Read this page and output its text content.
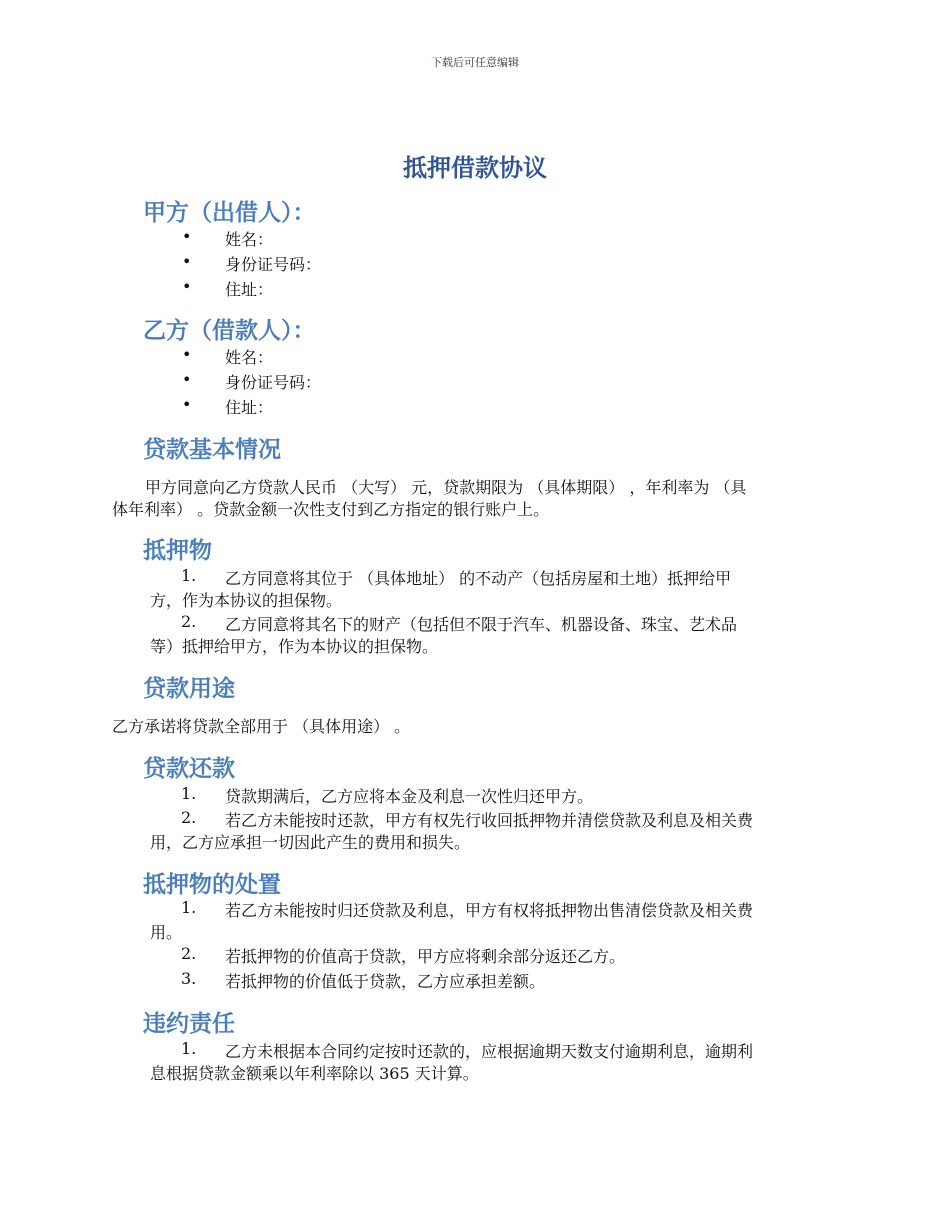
下载后可任意编辑
抵押借款协议
甲方（出借人）：
• 姓名：
• 身份证号码：
• 住址：
乙方（借款人）：
• 姓名：
• 身份证号码：
• 住址：
贷款基本情况
甲方同意向乙方贷款人民币 （大写） 元，贷款期限为 （具体期限） ，年利率为 （具
体年利率） 。贷款金额一次性支付到乙方指定的银行账户上。
抵押物
1. 乙方同意将其位于 （具体地址） 的不动产（包括房屋和土地）抵押给甲
方，作为本协议的担保物。
2. 乙方同意将其名下的财产（包括但不限于汽车、机器设备、珠宝、艺术品
等）抵押给甲方，作为本协议的担保物。
贷款用途
乙方承诺将贷款全部用于 （具体用途） 。
贷款还款
1. 贷款期满后，乙方应将本金及利息一次性归还甲方。
2. 若乙方未能按时还款，甲方有权先行收回抵押物并清偿贷款及利息及相关费
用，乙方应承担一切因此产生的费用和损失。
抵押物的处置
1. 若乙方未能按时归还贷款及利息，甲方有权将抵押物出售清偿贷款及相关费
用。
2. 若抵押物的价值高于贷款，甲方应将剩余部分返还乙方。
3. 若抵押物的价值低于贷款，乙方应承担差额。
违约责任
1. 乙方未根据本合同约定按时还款的，应根据逾期天数支付逾期利息，逾期利
息根据贷款金额乘以年利率除以 365 天计算。
